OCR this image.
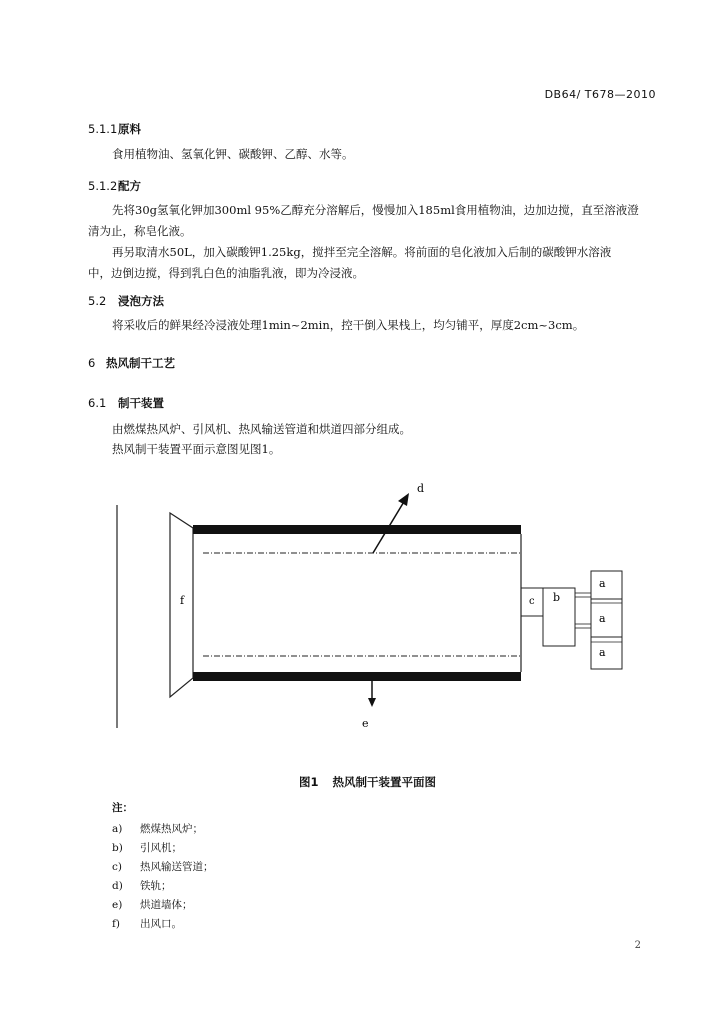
DB64/ T678—2010
5.1.1原料
食用植物油、氢氧化钾、碳酸钾、乙醇、水等。
5.1.2配方
先将30g氢氧化钾加300ml 95%乙醇充分溶解后，慢慢加入185ml食用植物油，边加边搅，直至溶液澄
清为止，称皂化液。
再另取清水50L，加入碳酸钾1.25kg，搅拌至完全溶解。将前面的皂化液加入后制的碳酸钾水溶液
中，边倒边搅，得到乳白色的油脂乳液，即为冷浸液。
5.2 浸泡方法
将采收后的鲜果经冷浸液处理1min~2min，控干倒入果栈上，均匀铺平，厚度2cm~3cm。
6 热风制干工艺
6.1 制干装置
由燃煤热风炉、引风机、热风输送管道和烘道四部分组成。
热风制干装置平面示意图见图1。
f
d
e
c b
a
a
a
图1 热风制干装置平面图
注：
a) 燃煤热风炉；
b) 引风机；
c) 热风输送管道；
d) 铁轨；
e) 烘道墙体；
f) 出风口。
2
